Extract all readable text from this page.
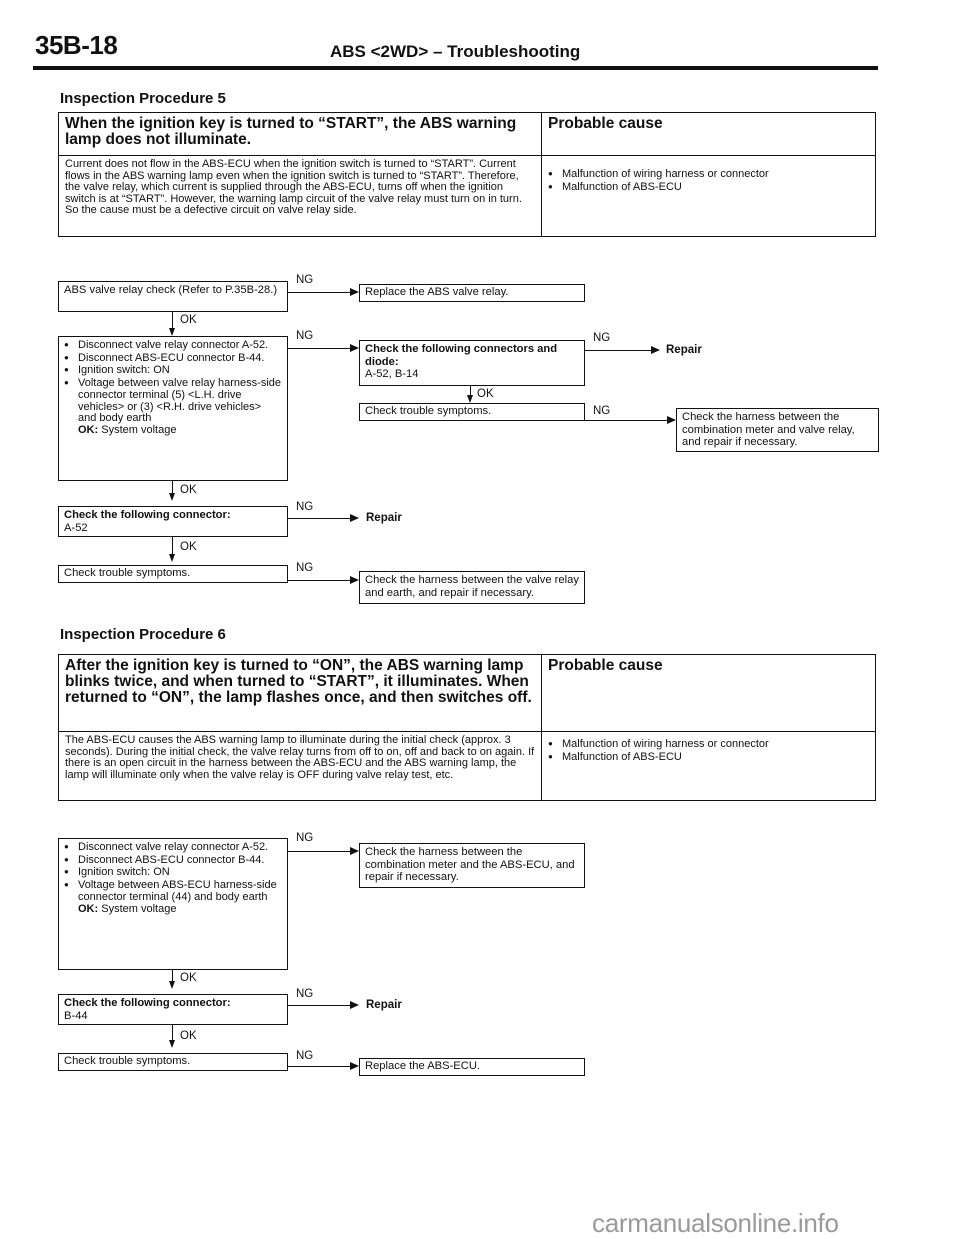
35B-18	ABS <2WD> – Troubleshooting
Inspection Procedure 5
When the ignition key is turned to “START”, the ABS warning lamp does not illuminate.	Probable cause

Current does not flow in the ABS-ECU when the ignition switch is turned to “START”. Current flows in the ABS warning lamp even when the ignition switch is turned to “START”. Therefore, the valve relay, which current is supplied through the ABS-ECU, turns off when the ignition switch is at “START”. However, the warning lamp circuit of the valve relay must turn on in turn. So the cause must be a defective circuit on valve relay side.	● Malfunction of wiring harness or connector

● Malfunction of ABS-ECU

ABS valve relay check (Refer to P.35B-28.)
NG
Replace the ABS valve relay.
OK

● Disconnect valve relay connector A-52.

● Disconnect ABS-ECU connector B-44.

● Ignition switch: ON

● Voltage between valve relay harness-side connector terminal (5) <L.H. drive vehicles> or (3) <R.H. drive vehicles> and body earth

OK: System voltage
NG
Check the following connectors and diode:
A-52, B-14
NG
Repair
OK
Check trouble symptoms.	NG	Check the harness between the combination meter and valve relay, and repair if necessary.
OK
Check the following connector:
A-52
NG
Repair
OK
Check trouble symptoms.	NG
Check the harness between the valve relay and earth, and repair if necessary.
Inspection Procedure 6
After the ignition key is turned to “ON”, the ABS warning lamp blinks twice, and when turned to “START”, it illuminates. When returned to “ON”, the lamp flashes once, and then switches off.	Probable cause

The ABS-ECU causes the ABS warning lamp to illuminate during the initial check (approx. 3 seconds). During the initial check, the valve relay turns from off to on, off and back to on again. If there is an open circuit in the harness between the ABS-ECU and the ABS warning lamp, the lamp will illuminate only when the valve relay is OFF during valve relay test, etc.	● Malfunction of wiring harness or connector

● Malfunction of ABS-ECU

● Disconnect valve relay connector A-52.

● Disconnect ABS-ECU connector B-44.

● Ignition switch: ON

● Voltage between ABS-ECU harness-side connector terminal (44) and body earth

OK: System voltage
NG
Check the harness between the combination meter and the ABS-ECU, and repair if necessary.
OK
Check the following connector:
B-44
NG
Repair
OK
Check trouble symptoms.	NG
Replace the ABS-ECU.
carmanualsonline.info
